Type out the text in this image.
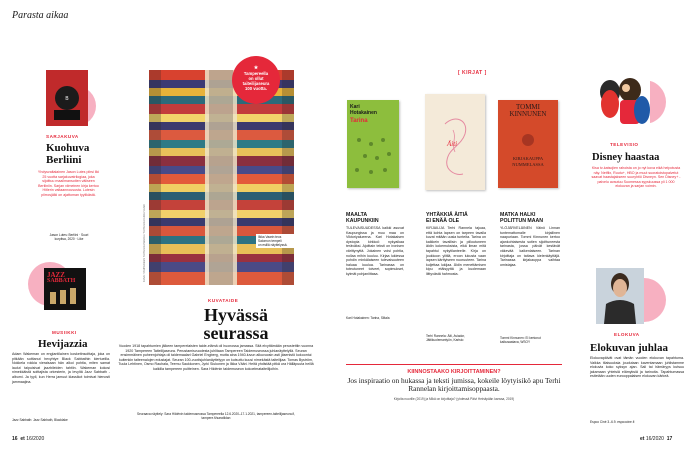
Parasta aikaa
B
SARJAKUVA
Kuohuva
Berliini
Yhdysvaltalainen Jason Lutes piirsi liki 25 vuotta sarjakuvatrilogiaa, joka sijoittuu maailmansotien väliseen Berliiniin. Sarjan viimeinen kirja kertoo Hitlerin valtaannoususta. Lutesin piirrosjälki on ajattoman tyylikästä.
Jason Lutes: Berliini · Suuri kurpitsa, 2020 · Like
JAZZ
SABBATH
MUSIIKKI
Hevijazzia
Adam Wakeman on englantilainen kosketinsoittaja, joka on pitkään soittanut hevyhtye Black Sabbathin kiertueilla. Nokkela rokkia vieraisaan hän alkoi pohtia, miten samat laulut taipuisivat jazzbileiden tahtiin. Wakeman kokosi nimekkäistä soittajista orkesterin, ja levyltä Jazz Sabbath -albumi. Ja tyyli, kun Herra jamuut klassikot toimivat hienosti jammaajina.
Jazz Sabbath: Jazz Sabbath, Blacklake
★
Tampereella
on ollut
taiteilijaseura
100 vuotta.
Ilkka Vaarin teos
Salomon tempeli
on esillä näyttelyssä.
KUVA: TAMPEREEN TAITEILIJASEURA / TAITEILIJA ILKKA VAARI
KUVATAIDE
Hyvässä
seurassa
Vuoden 1918 tapahtumien jälkeen tamperelaisten taide-elämä oli huonossa jamassa. Sitä elvyttämään perustettiin vuonna 1920 Tampereen Taiteilijaseura. Perustamisvuodesta juhlitaan Tampereen Taidemuseossa juhlanäyttelyllä. Seuran ensimmäinen puheenjohtaja oli taidemaalari Gabriel Engberg, mutta aina 1940-luvun alkuvuosin asti jäsenistö kokoontui kuitenkin taiteenalojen edustajat. Seuran 100-vuotisjuhlanäyttelyyn on kutsuttu kuusi nimekästä taiteilijaa: Tomas Byström, Tuula Lehtinen, Osmo Rauhala, Teemu Saukkonen, Jyrki Siukonen ja Ilkka Vääri. Heitä yhdistää pitkä ura Hälläpuuta heillä kaikilla tampereen puitteinen. Sara Hildénin taidemuseon kokoelmataiteilijoihin.
Seuraava näyttely: Sara Hildénin taidemuseossa Tampereella 12.6.2020–17.1.2021, tampereen-taiteilijaseura.fi, tampere.fi/saratildan
[ KIRJAT ]
Kari
Hotakainen
Tarina
Äiti
TOMMI
KINNUNEN
KIRJAKAUPPA
NUMMELASSA
MAALTA
KAUPUNKIIN
TULEVAISUUDESSA kaikki asuvat Kaupungissa ja muu maa on Viktoriyalueena. Kari Hotakaisen dystopia kirkkoö nykyaikaa teräväksi. Ajoittain teksti on ironisen värittynyttä. Jokainen voisi pohtia, nollaa mihin kuuluu. Kirjaa lukiessa pohdin minkälaiseen tulevaisuuteen haluaa kuulua. Tarinassa on toteutuneet toiveet, sopimukset, kylmät pohjaniittasa.
Kari Hotakainen: Tarina, Siltala
YHTÄKKIÄ ÄITIÄ
EI ENÄÄ OLE
KIRJAILIJA Terhi Rannela tajuaa, että kohta lapsen on tarpeen tavalla kuvat mitään uusia tunteita. Tarina on kaikkein tavallisin ja piiloutuneen äidin kokemuksista, eikä ilman mitä tapahtui nykytilanteelle. Kirja on joukkoon ylitilä, eroon lukusta vaan lapsen kärttyiseen nuoruuteen. Tarina kuljettaa lukijaa. Äidin menettämisen kipu etäisyyttä ja kuolemaan liittyvästä hahmosta.
Terhi Rannela: Äiti, Aviador, Jättikuolemantyön, Karisto
MATKA HALKI
POLITTUN MAAN
YLÖJÄRVELÄINEN Väinö Linnan tuntemattomalle kirjallinen naapuriaan. Tommi Kinnunen kertoo ajankohtaisesta sotien sijoittuneesta tarinasta, jossa päivät kestävät väkevää kaikenlaiseen. Tarinan kirjoittaja on taitava kielenkäyttäjä. Tarinassa kirjakauppa vaihtaa omistajaa.
Tommi Kinnunen: Ei kertonut kaikusaatava, WSOY
KIINNOSTAAKO KIRJOITTAMINEN?
Jos inspiraatio on hukassa ja teksti jumissa, kokeile löytyisikö apu Terhi Rannelan kirjoittamisoppaasta.
Kirjoita nuorille (2019) ja Mikä on kirjoittaja? (yhdessä Päivi Heinäpään kanssa, 2019)
TELEVISIO
Disney haastaa
Kisa tv-katsojien rahoista on jo nyt kova eikä helpotusta näy. Netflix, Ruutu+, HBO ja muut suoratoistopalvelut saavat haastajakseen suuryhtiö Disneyn. Sen Disney+ -palvelu avautuu Suomessa syyskuussa yli 1 000 elokuvan ja sarjan voimin.
ELOKUVA
Elokuvan juhlaa
Elokuvapäivät ovat tämän vuoden elokuvan tapahtuma. Vaikka tilaisuuksia joudutaan kaventamaan juhlistamme elokuvia koko syksyn ajan. Sali tai hämäryys kutsuu jakamaan yhteisiä elämyksiä ja tarinoita. Tapahtumassa esitetään uuden eurooppalaisen elokuvan kärkeä.
Espoo Cinè 3.-6.9. espoocine.fi
16 et 16/2020	et 16/2020 17
